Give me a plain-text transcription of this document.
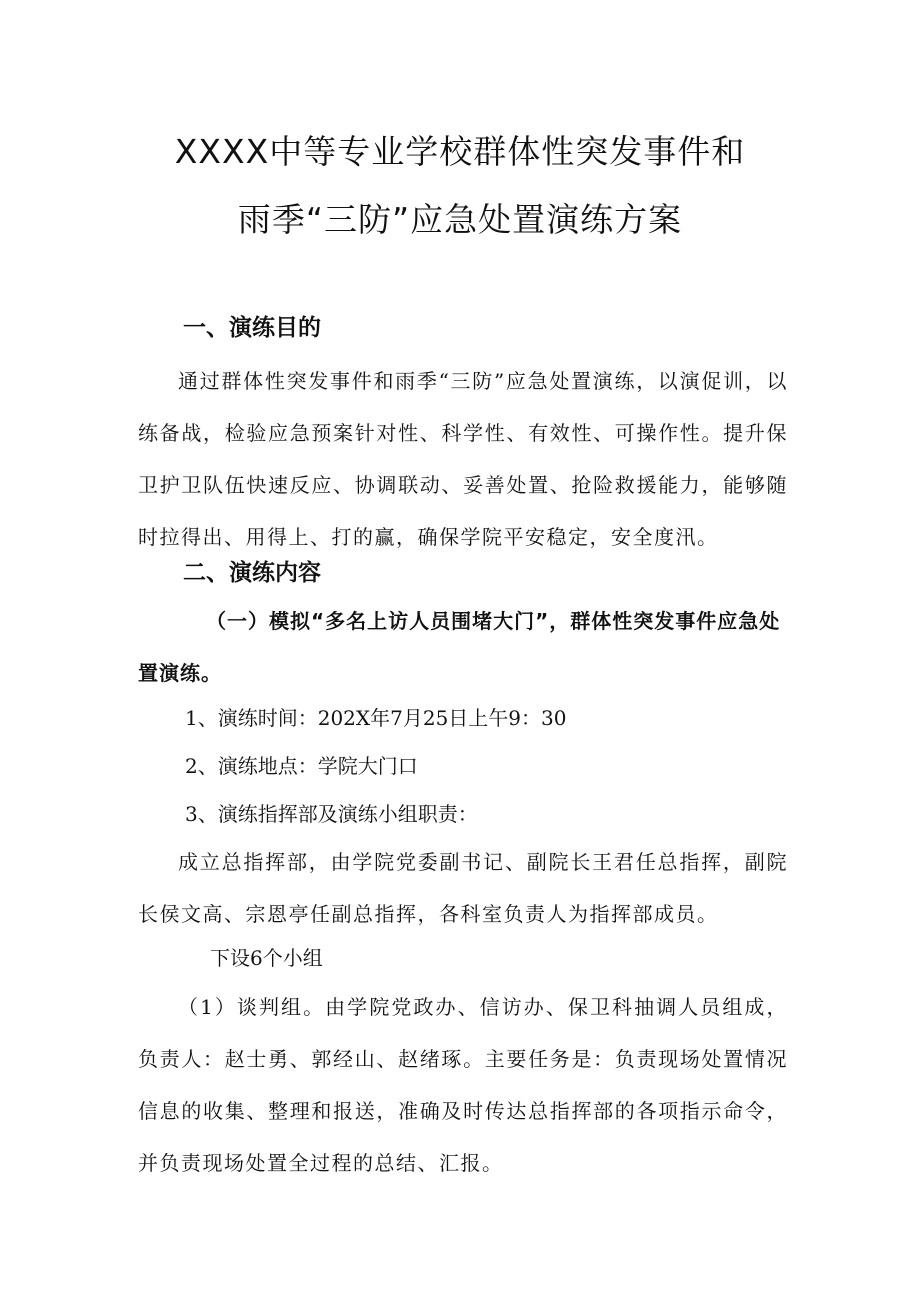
XXXX中等专业学校群体性突发事件和
雨季“三防”应急处置演练方案
一、演练目的
通过群体性突发事件和雨季“三防”应急处置演练，以演促训，以练备战，检验应急预案针对性、科学性、有效性、可操作性。提升保卫护卫队伍快速反应、协调联动、妥善处置、抢险救援能力，能够随时拉得出、用得上、打的赢，确保学院平安稳定，安全度汛。
二、演练内容
（一）模拟“多名上访人员围堵大门”，群体性突发事件应急处置演练。
1、演练时间：202X年7月25日上午9：30
2、演练地点：学院大门口
3、演练指挥部及演练小组职责：
成立总指挥部，由学院党委副书记、副院长王君任总指挥，副院长侯文高、宗恩亭任副总指挥，各科室负责人为指挥部成员。
下设6个小组
（1）谈判组。由学院党政办、信访办、保卫科抽调人员组成，负责人：赵士勇、郭经山、赵绪琢。主要任务是：负责现场处置情况信息的收集、整理和报送，准确及时传达总指挥部的各项指示命令，并负责现场处置全过程的总结、汇报。
